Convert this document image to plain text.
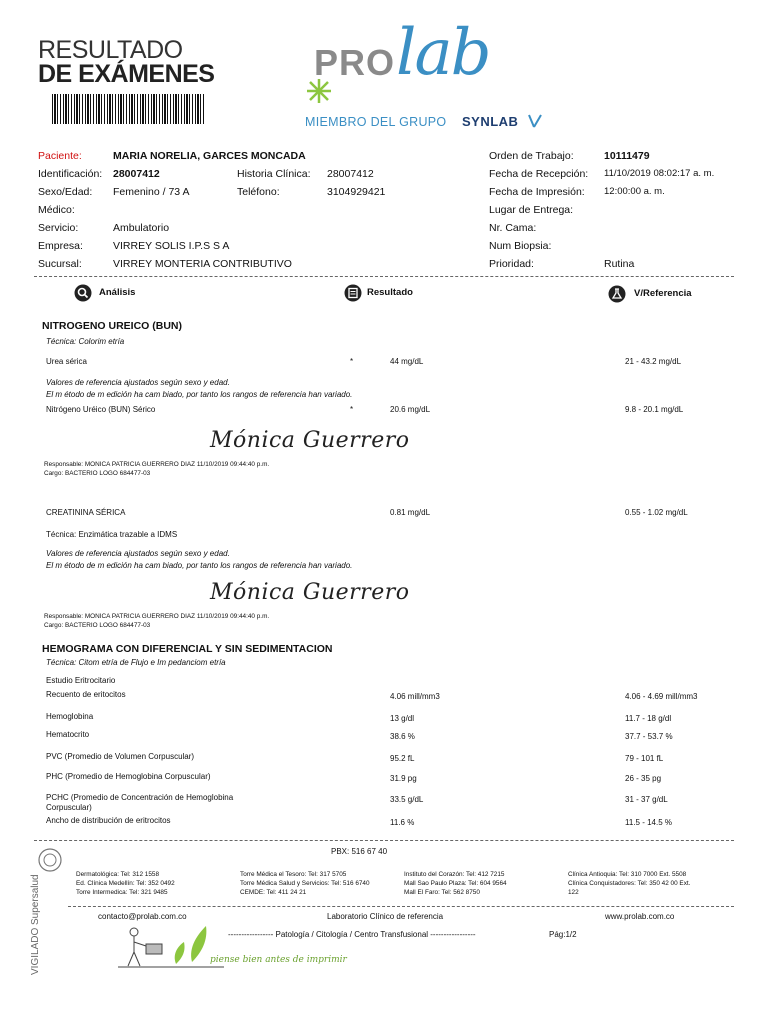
RESULTADO
DE EXÁMENES	PRO lab
MIEMBRO DEL GRUPO SYNLAB
Paciente:	MARIA NORELIA, GARCES MONCADA
Identificación: 28007412	Historia Clínica: 28007412
Sexo/Edad: Femenino / 73 A	Teléfono:	3104929421
Médico:
Servicio:	Ambulatorio
Empresa:	VIRREY SOLIS I.P.S S A
Sucursal:	VIRREY MONTERIA CONTRIBUTIVO
Orden de Trabajo:	10111479
Fecha de Recepción: 11/10/2019 08:02:17 a. m.
Fecha de Impresión: 12:00:00 a. m.
Lugar de Entrega:
Nr. Cama:
Num Biopsia:
Prioridad:	Rutina
Análisis	Resultado	V/Referencia
NITROGENO UREICO (BUN)
Técnica: Colorim etría
Urea sérica	*	44 mg/dL	21 - 43.2 mg/dL
Valores de referencia ajustados según sexo y edad.
El m étodo de m edición ha cam biado, por tanto los rangos de referencia han variado.
Nitrógeno Uréico (BUN) Sérico	*	20.6 mg/dL	9.8 - 20.1 mg/dL
Mónica Guerrero
Responsable: MONICA PATRICIA GUERRERO DIAZ 11/10/2019 09:44:40 p.m.
Cargo: BACTERIO LOGO 684477-03
CREATININA SÉRICA	0.81 mg/dL	0.55 - 1.02 mg/dL
Técnica: Enzimática trazable a IDMS
Valores de referencia ajustados según sexo y edad.
El m étodo de m edición ha cam biado, por tanto los rangos de referencia han variado.
Mónica Guerrero
Responsable: MONICA PATRICIA GUERRERO DIAZ 11/10/2019 09:44:40 p.m.
Cargo: BACTERIO LOGO 684477-03
HEMOGRAMA CON DIFERENCIAL Y SIN SEDIMENTACION
Técnica: Citom etría de Flujo e Im pedanciom etría
Estudio Eritrocitario
Recuento de eritocitos	4.06 mill/mm3	4.06 - 4.69 mill/mm3
Hemoglobina	13 g/dl	11.7 - 18 g/dl
Hematocrito	38.6 %	37.7 - 53.7 %
PVC (Promedio de Volumen Corpuscular)	95.2 fL	79 - 101 fL
PHC (Promedio de Hemoglobina Corpuscular)	31.9 pg	26 - 35 pg
PCHC (Promedio de Concentración de Hemoglobina
Corpuscular)
33.5 g/dL	31 - 37 g/dL
Ancho de distribución de eritrocitos	11.6 %	11.5 - 14.5 %
PBX: 516 67 40
VIGILADO Supersalud	Dermatológica: Tel: 312 1558
Ed. Clínica Medellín: Tel: 352 0492
Torre Intermedica: Tel: 321 9485
Torre Médica el Tesoro: Tel: 317 5705
Torre Médica Salud y Servicios: Tel: 516 6740
CEMDE: Tel: 411 24 21
Instituto del Corazón: Tel: 412 7215
Mall Sao Paulo Plaza: Tel: 604 9564
Mall El Faro: Tel: 562 8750
Clínica Antioquia: Tel: 310 7000 Ext. 5508
Clínica Conquistadores: Tel: 350 42 00 Ext.
122
contacto@prolab.com.co	Laboratorio Clínico de referencia	www.prolab.com.co
----------------- Patología / Citología / Centro Transfusional -----------------	Pág:1/2
piense bien antes de imprimir
